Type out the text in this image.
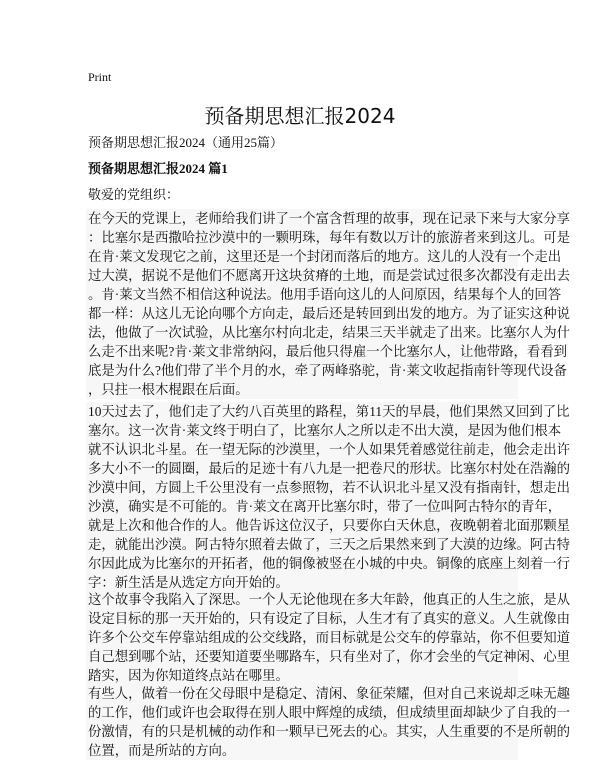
Print
预备期思想汇报2024
预备期思想汇报2024（通用25篇）
预备期思想汇报2024 篇1
敬爱的党组织：
在今天的党课上，老师给我们讲了一个富含哲理的故事，现在记录下来与大家分享
：比塞尔是西撒哈拉沙漠中的一颗明珠，每年有数以万计的旅游者来到这儿。可是
在肯·莱文发现它之前，这里还是一个封闭而落后的地方。这儿的人没有一个走出
过大漠，据说不是他们不愿离开这块贫瘠的土地，而是尝试过很多次都没有走出去
。肯·莱文当然不相信这种说法。他用手语向这儿的人问原因，结果每个人的回答
都一样：从这儿无论向哪个方向走，最后还是转回到出发的地方。为了证实这种说
法，他做了一次试验，从比塞尔村向北走，结果三天半就走了出来。比塞尔人为什
么走不出来呢?肯·莱文非常纳闷，最后他只得雇一个比塞尔人，让他带路，看看到
底是为什么?他们带了半个月的水，牵了两峰骆驼，肯·莱文收起指南针等现代设备
，只拄一根木棍跟在后面。
10天过去了，他们走了大约八百英里的路程，第11天的早晨，他们果然又回到了比
塞尔。这一次肯·莱文终于明白了，比塞尔人之所以走不出大漠，是因为他们根本
就不认识北斗星。在一望无际的沙漠里，一个人如果凭着感觉往前走，他会走出许
多大小不一的圆圈，最后的足迹十有八九是一把卷尺的形状。比塞尔村处在浩瀚的
沙漠中间，方圆上千公里没有一点参照物，若不认识北斗星又没有指南针，想走出
沙漠，确实是不可能的。肯·莱文在离开比塞尔时，带了一位叫阿古特尔的青年，
就是上次和他合作的人。他告诉这位汉子，只要你白天休息，夜晚朝着北面那颗星
走，就能出沙漠。阿古特尔照着去做了，三天之后果然来到了大漠的边缘。阿古特
尔因此成为比塞尔的开拓者，他的铜像被竖在小城的中央。铜像的底座上刻着一行
字：新生活是从选定方向开始的。
这个故事令我陷入了深思。一个人无论他现在多大年龄，他真正的人生之旅，是从
设定目标的那一天开始的，只有设定了目标，人生才有了真实的意义。人生就像由
许多个公交车停靠站组成的公交线路，而目标就是公交车的停靠站，你不但要知道
自己想到哪个站，还要知道要坐哪路车，只有坐对了，你才会坐的气定神闲、心里
踏实，因为你知道终点站在哪里。
有些人，做着一份在父母眼中是稳定、清闲、象征荣耀，但对自己来说却乏味无趣
的工作，他们或许也会取得在别人眼中辉煌的成绩，但成绩里面却缺少了自我的一
份激情，有的只是机械的动作和一颗早已死去的心。其实，人生重要的不是所朝的
位置，而是所站的方向。
